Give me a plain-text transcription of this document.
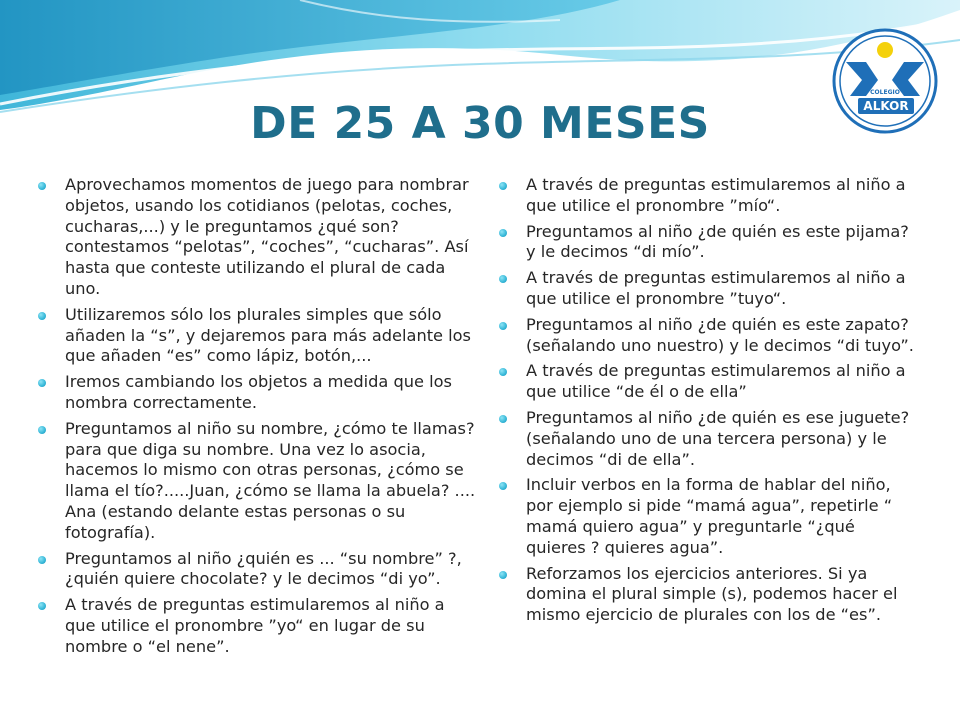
COLEGIO
ALKOR
DE 25 A 30 MESES
Aprovechamos momentos de juego para nombrar objetos, usando los cotidianos (pelotas, coches, cucharas,...) y le preguntamos ¿qué son? contestamos “pelotas”, “coches”, “cucharas”. Así hasta que conteste utilizando el plural de cada uno.
Utilizaremos sólo los plurales simples que sólo añaden la “s”, y dejaremos para más adelante los que añaden “es” como lápiz, botón,...
Iremos cambiando los objetos a medida que los nombra correctamente.
Preguntamos al niño su nombre, ¿cómo te llamas? para que diga su nombre. Una vez lo asocia, hacemos lo mismo con otras personas, ¿cómo se llama el tío?.....Juan, ¿cómo se llama la abuela? .... Ana (estando delante estas personas o su fotografía).
Preguntamos al niño ¿quién es ... “su nombre” ?, ¿quién quiere chocolate? y le decimos “di yo”.
A través de preguntas estimularemos al niño a que utilice el pronombre ”yo“ en lugar de su nombre o “el nene”.
A través de preguntas estimularemos al niño a que utilice el pronombre ”mío“.
Preguntamos al niño ¿de quién es este pijama? y le decimos “di mío”.
A través de preguntas estimularemos al niño a que utilice el pronombre ”tuyo“.
Preguntamos al niño ¿de quién es este zapato? (señalando uno nuestro) y le decimos “di tuyo”.
A través de preguntas estimularemos al niño a que utilice “de él o de ella”
Preguntamos al niño ¿de quién es ese juguete? (señalando uno de una tercera persona) y le decimos “di de ella”.
Incluir verbos en la forma de hablar del niño, por ejemplo si pide “mamá agua”, repetirle “ mamá quiero agua” y preguntarle “¿qué quieres ? quieres agua”.
Reforzamos los ejercicios anteriores. Si ya domina el plural simple (s), podemos hacer el mismo ejercicio de plurales con los de “es”.
